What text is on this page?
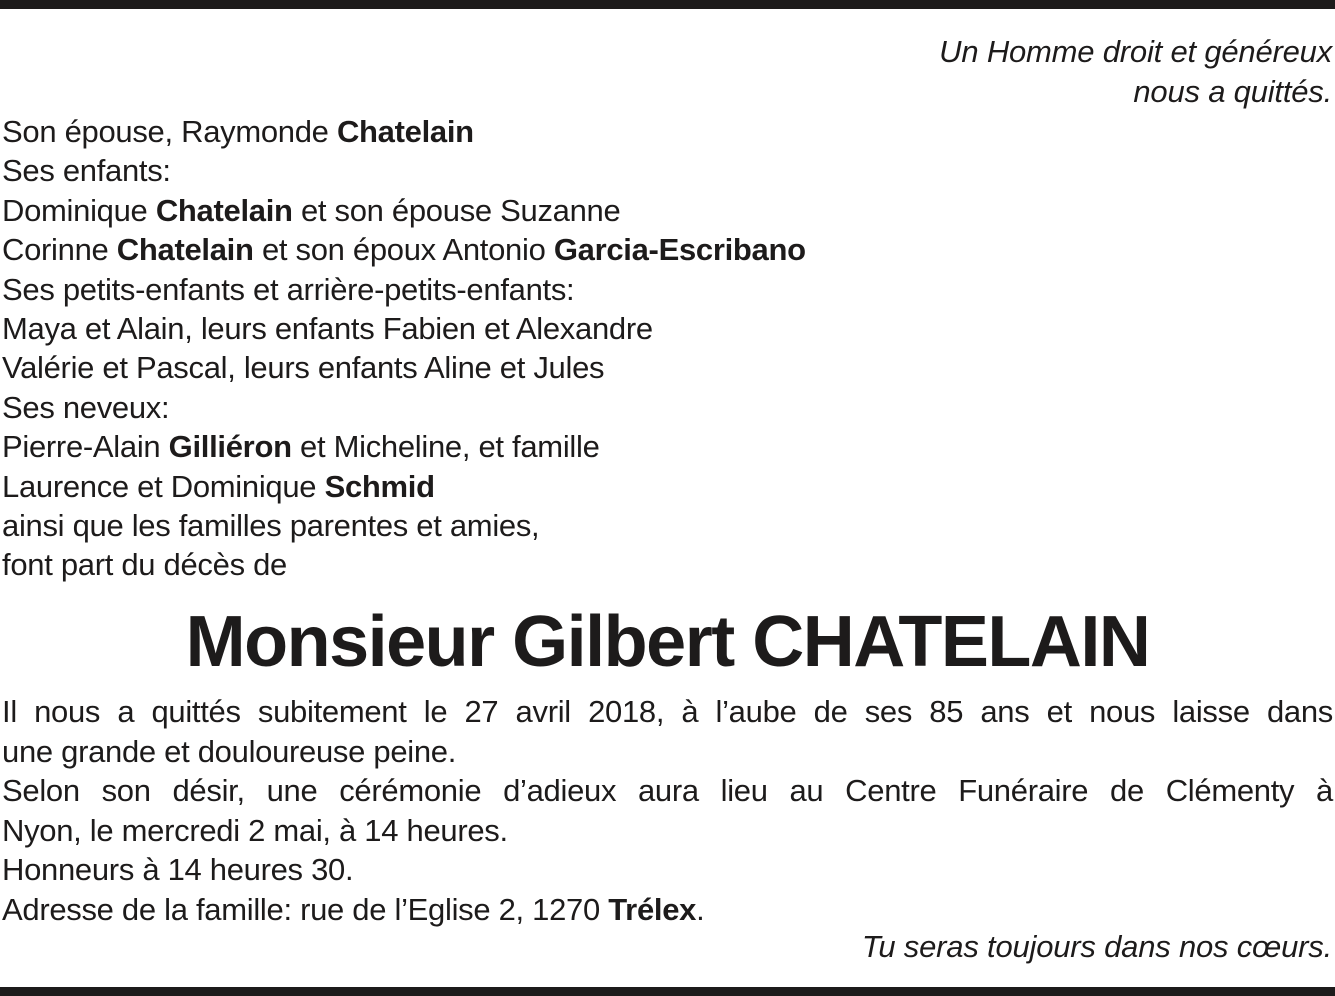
Un Homme droit et généreux
nous a quittés.
Son épouse, Raymonde Chatelain
Ses enfants:
Dominique Chatelain et son épouse Suzanne
Corinne Chatelain et son époux Antonio Garcia-Escribano
Ses petits-enfants et arrière-petits-enfants:
Maya et Alain, leurs enfants Fabien et Alexandre
Valérie et Pascal, leurs enfants Aline et Jules
Ses neveux:
Pierre-Alain Gilliéron et Micheline, et famille
Laurence et Dominique Schmid
ainsi que les familles parentes et amies,
font part du décès de
Monsieur Gilbert CHATELAIN
Il nous a quittés subitement le 27 avril 2018, à l’aube de ses 85 ans et nous laisse dans
une grande et douloureuse peine.
Selon son désir, une cérémonie d’adieux aura lieu au Centre Funéraire de Clémenty à
Nyon, le mercredi 2 mai, à 14 heures.
Honneurs à 14 heures 30.
Adresse de la famille: rue de l’Eglise 2, 1270 Trélex.
Tu seras toujours dans nos cœurs.
